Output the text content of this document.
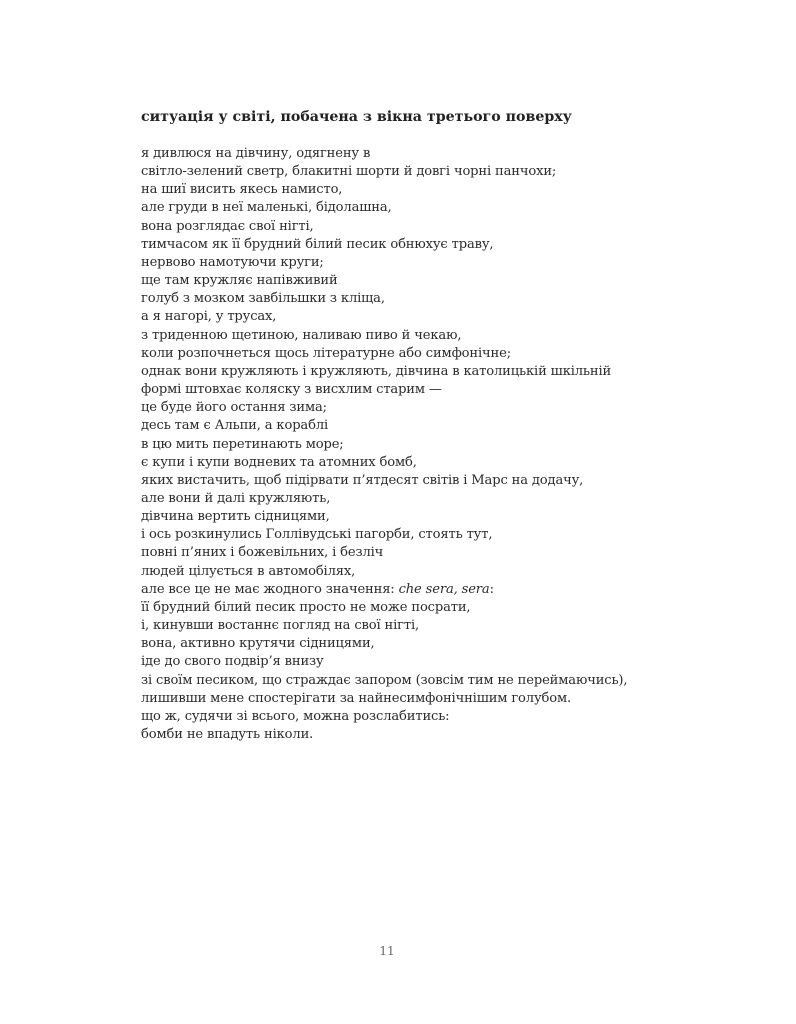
ситуація у світі, побачена з вікна третього поверху
я дивлюся на дівчину, одягнену в
світло-зелений светр, блакитні шорти й довгі чорні панчохи;
на шиї висить якесь намисто,
але груди в неї маленькі, бідолашна,
вона розглядає свої нігті,
тимчасом як її брудний білий песик обнюхує траву,
нервово намотуючи круги;
ще там кружляє напівживий
голуб з мозком завбільшки з кліща,
а я нагорі, у трусах,
з триденною щетиною, наливаю пиво й чекаю,
коли розпочнеться щось літературне або симфонічне;
однак вони кружляють і кружляють, дівчина в католицькій шкільній
формі штовхає коляску з висхлим старим —
це буде його остання зима;
десь там є Альпи, а кораблі
в цю мить перетинають море;
є купи і купи водневих та атомних бомб,
яких вистачить, щоб підірвати п’ятдесят світів і Марс на додачу,
але вони й далі кружляють,
дівчина вертить сідницями,
і ось розкинулись Голлівудські пагорби, стоять тут,
повні п’яних і божевільних, і безліч
людей цілується в автомобілях,
але все це не має жодного значення: che sera, sera:
її брудний білий песик просто не може посрати,
і, кинувши востаннє погляд на свої нігті,
вона, активно крутячи сідницями,
іде до свого подвір’я внизу
зі своїм песиком, що страждає запором (зовсім тим не переймаючись),
лишивши мене спостерігати за найнесимфонічнішим голубом.
що ж, судячи зі всього, можна розслабитись:
бомби не впадуть ніколи.
11
